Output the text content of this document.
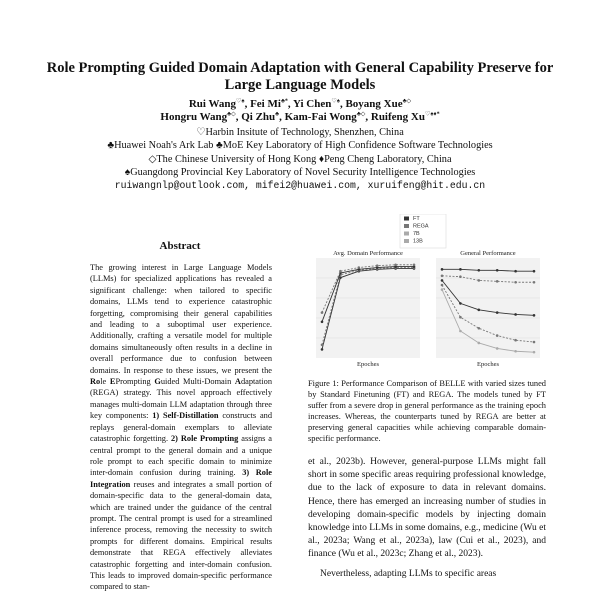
Role Prompting Guided Domain Adaptation with General Capability Preserve for Large Language Models
Rui Wang♡♠, Fei Mi♣*, Yi Chen♡♠, Boyang Xue♣◇
Hongru Wang♣◇, Qi Zhu♣, Kam-Fai Wong♣◇, Ruifeng Xu♡♠♦*
♡Harbin Insitute of Technology, Shenzhen, China
♣Huawei Noah's Ark Lab ♣MoE Key Laboratory of High Confidence Software Technologies
◇The Chinese University of Hong Kong ♦Peng Cheng Laboratory, China
♠Guangdong Provincial Key Laboratory of Novel Security Intelligence Technologies
ruiwangnlp@outlook.com, mifei2@huawei.com, xuruifeng@hit.edu.cn
Abstract
The growing interest in Large Language Models (LLMs) for specialized applications has revealed a significant challenge: when tailored to specific domains, LLMs tend to experience catastrophic forgetting, compromising their general capabilities and leading to a suboptimal user experience. Additionally, crafting a versatile model for multiple domains simultaneously often results in a decline in overall performance due to confusion between domains. In response to these issues, we present the Role EPrompting Guided Multi-Domain Adaptation (REGA) strategy. This novel approach effectively manages multi-domain LLM adaptation through three key components: 1) Self-Distillation constructs and replays general-domain exemplars to alleviate catastrophic forgetting. 2) Role Prompting assigns a central prompt to the general domain and a unique role prompt to each specific domain to minimize inter-domain confusion during training. 3) Role Integration reuses and integrates a small portion of domain-specific data to the general-domain data, which are trained under the guidance of the central prompt. The central prompt is used for a streamlined inference process, removing the necessity to switch prompts for different domains. Empirical results demonstrate that REGA effectively alleviates catastrophic forgetting and inter-domain confusion. This leads to improved domain-specific performance compared to stan-
FT
REGA
7B
13B
Avg. Domain Performance
Epoches
General Performance
Epoches
Figure 1: Performance Comparison of BELLE with varied sizes tuned by Standard Finetuning (FT) and REGA. The models tuned by FT suffer from a severe drop in general performance as the training epoch increases. Whereas, the counterparts tuned by REGA are better at preserving general capacities while achieving comparable domain-specific performance.
et al., 2023b). However, general-purpose LLMs might fall short in some specific areas requiring professional knowledge, due to the lack of exposure to data in relevant domains. Hence, there has emerged an increasing number of studies in developing domain-specific models by injecting domain knowledge into LLMs in some domains, e.g., medicine (Wu et al., 2023a; Wang et al., 2023a), law (Cui et al., 2023), and finance (Wu et al., 2023c; Zhang et al., 2023).
Nevertheless, adapting LLMs to specific areas
